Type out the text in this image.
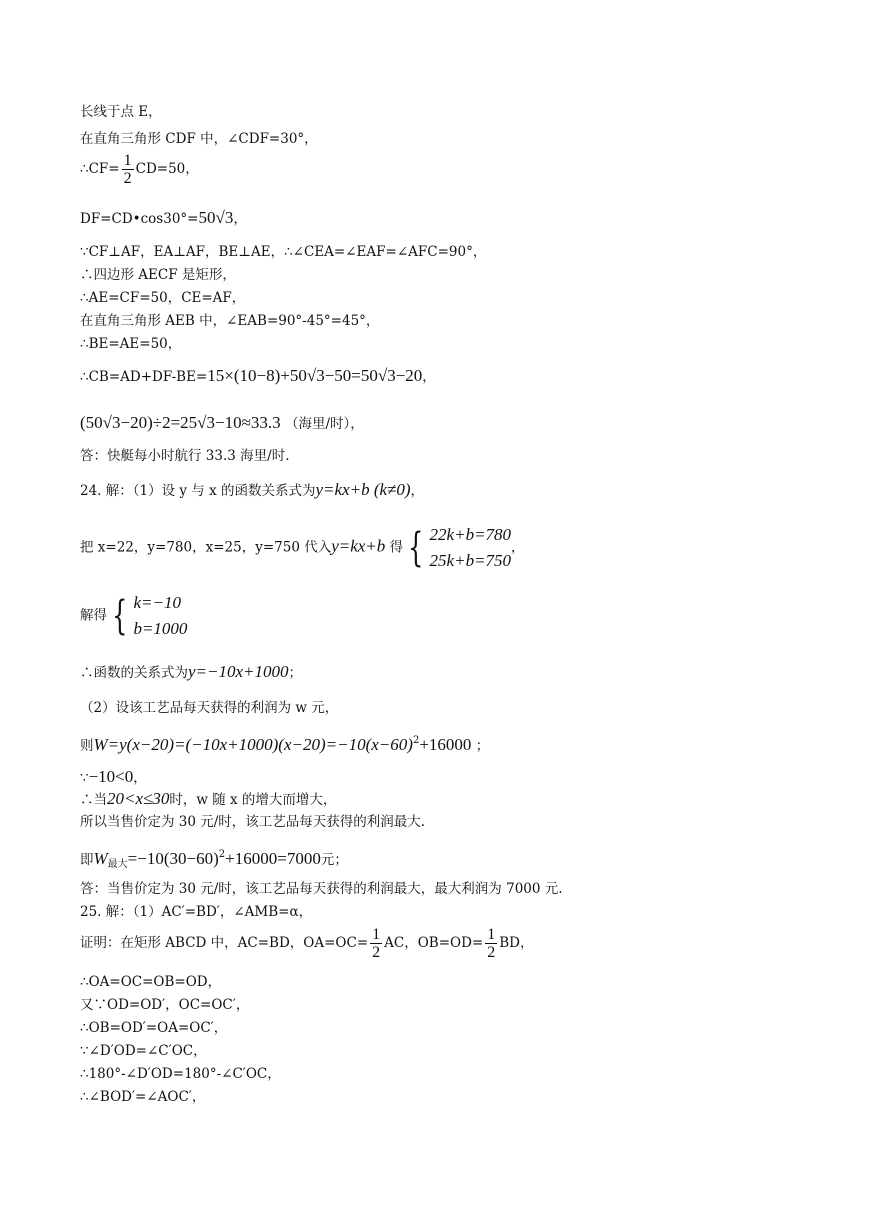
长线于点 E，
在直角三角形 CDF 中，∠CDF=30°，
∴CF= $\frac{1}{2} CD=50$，
DF=CD•cos30°=50√3，
∵CF⊥AF，EA⊥AF，BE⊥AE，∴∠CEA=∠EAF=∠AFC=90°，
∴四边形 AECF 是矩形，
∴AE=CF=50，CE=AF，
在直角三角形 AEB 中，∠EAB=90°-45°=45°，
∴BE=AE=50，
∴CB=AD+DF-BE=15×(10−8)+50√3−50=50√3−20，
(50√3−20)÷2=25√3−10≈33.3 （海里/时），
答：快艇每小时航行 33.3 海里/时.
24. 解：（1）设 y 与 x 的函数关系式为y=kx+b (k≠0)，
把 x=22，y=780，x=25，y=750 代入y=kx+b 得 { 22k+b=780
25k+b=750
，
解得 { k=−10
b=1000
∴函数的关系式为y=−10x+1000；
（2）设该工艺品每天获得的利润为 w 元，
则$W=y(x-20)=(-10x+1000)(x-20)=-10(x-60)^2+16000$ ；
∵−10<0，
∴当20<x≤30时，w 随 x 的增大而增大，
所以当售价定为 30 元/时，该工艺品每天获得的利润最大.
即$W_{最大}=-10(30-60)^2+16000=7000$元；
答：当售价定为 30 元/时，该工艺品每天获得的利润最大，最大利润为 7000 元.
25. 解：（1）AC′=BD′，∠AMB=α，
证明：在矩形 ABCD 中，AC=BD，$OA=OC= \frac{1}{2}$ AC，$OB=OD= \frac{1}{2}$ BD，
∴OA=OC=OB=OD，
又∵OD=OD′，OC=OC′，
∴OB=OD′=OA=OC′，
∵∠D′OD=∠C′OC，
∴180°-∠D′OD=180°-∠C′OC，
∴∠BOD′=∠AOC′，
